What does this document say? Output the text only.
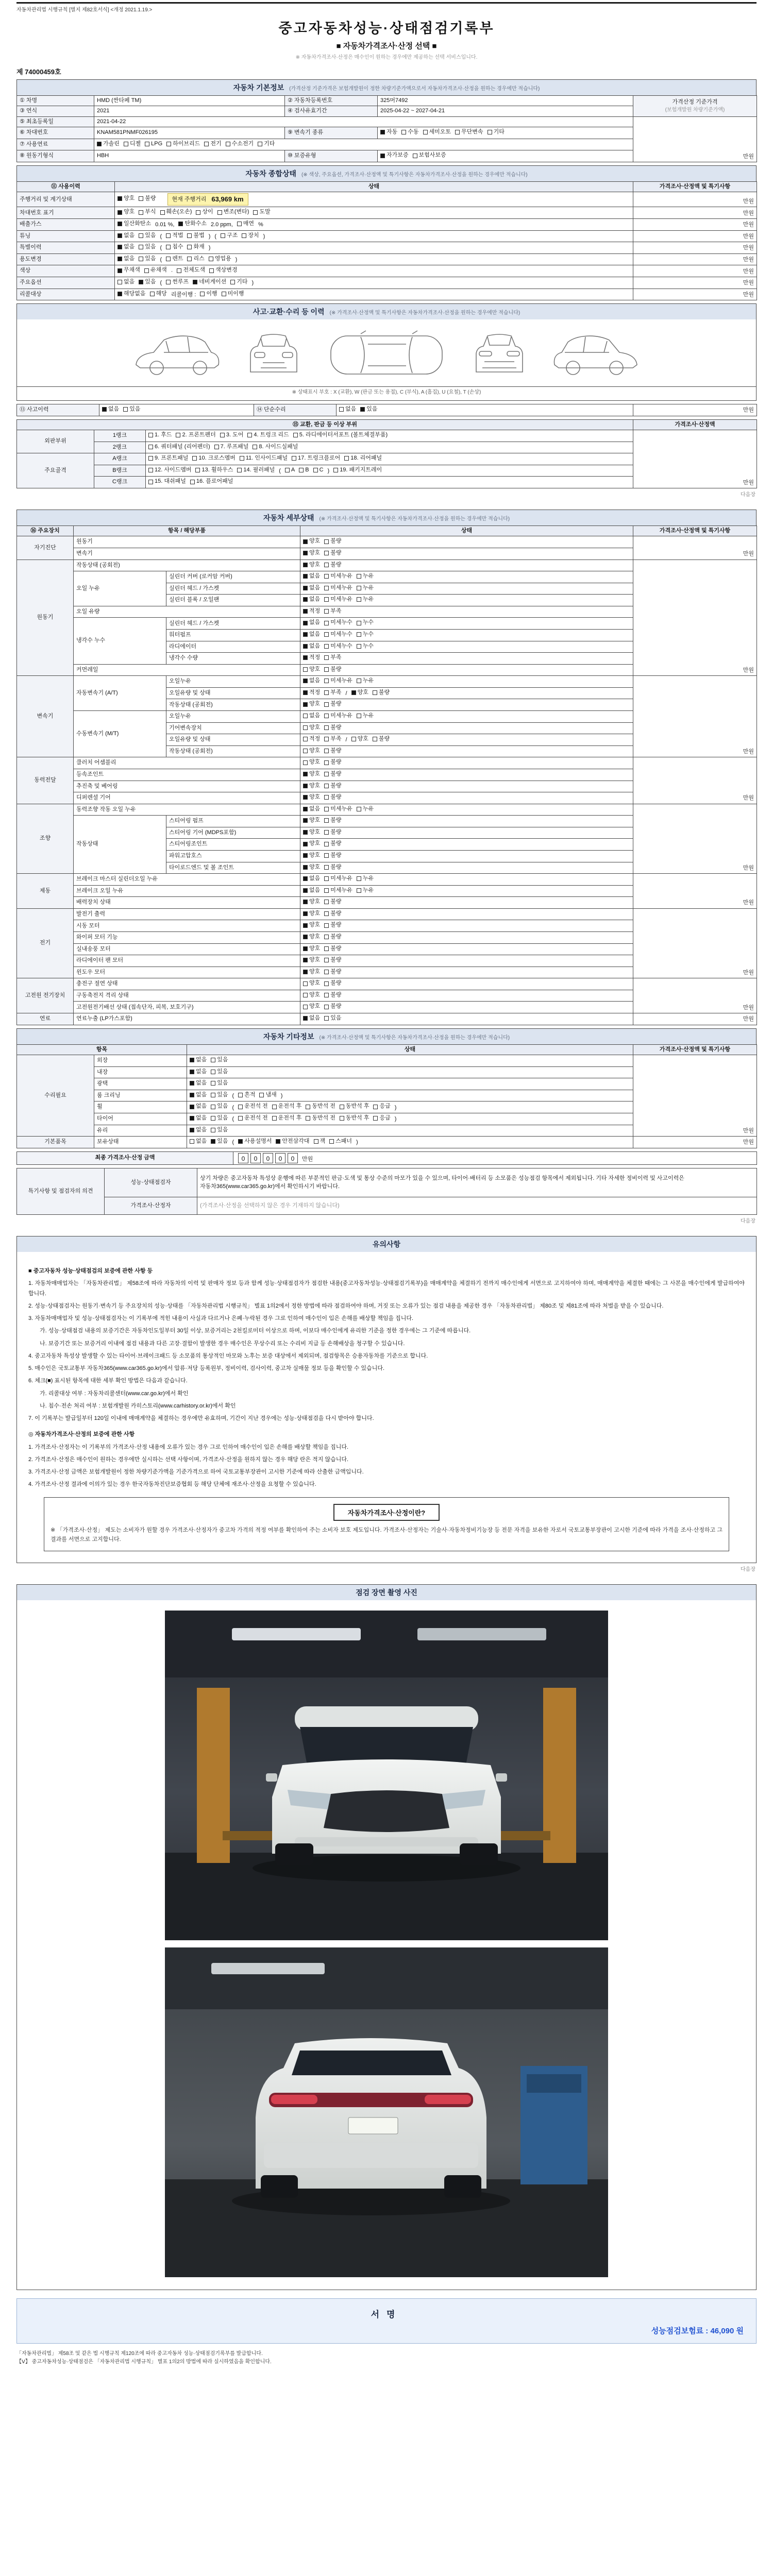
자동차관리법 시행규칙 [별지 제82호서식] <개정 2021.1.19.>
중고자동차성능·상태점검기록부
■ 자동차가격조사·산정 선택 ■
※ 자동차가격조사·산정은 매수인이 원하는 경우에만 제공하는 선택 서비스입니다.
제 74000459호
자동차 기본정보 (가격산정 기준가격은 보험개발원이 정한 차량기준가액으로서 자동차가격조사·산정을 원하는 경우에만 적습니다)
① 차명	HMD (싼타페 TM)	② 자동차등록번호	325머7492	가격산정 기준가격
(보험개발원 차량기준가액)
③ 연식	2021	④ 검사유효기간	2025-04-22 ~ 2027-04-21	
⑤ 최초등록일	2021-04-22			만원
⑥ 차대번호	KNAM581PNMF026195	⑨ 변속기 종류	자동 수동 세미오토 무단변속 기타	

⑦ 사용연료	가솔린 디젤 LPG 하이브리드 전기 수소전기 기타

⑧ 원동기형식	HBH	⑩ 보증유형	자가보증 보험사보증	
자동차 종합상태 (※ 색상, 주요옵션, 가격조사·산정액 및 특기사항은 자동차가격조사·산정을 원하는 경우에만 적습니다)
⑪ 사용이력	상태	가격조사·산정액 및 특기사항
주행거리 및 계기상태	양호 불량 현재 주행거리 63,969 km	만원
차대번호 표기	양호 부식 훼손(오손) 상이 변조(변타) 도말	만원
배출가스	일산화탄소 0.01 %, 탄화수소 2.0 ppm, 매연 %	만원
튜닝	없음 있음 ( 적법 불법 ) ( 구조 장치 )	만원
특별이력	없음 있음 ( 침수 화재 )	만원
용도변경	없음 있음 ( 렌트 리스 영업용 )	만원
색상	무채색 유채색 · 전체도색 색상변경	만원
주요옵션	없음 있음 ( 썬루프 네비게이션 기타 )	만원
리콜대상	해당없음 해당 리콜이행 : 이행 미이행	만원
사고·교환·수리 등 이력 (※ 가격조사·산정액 및 특기사항은 자동차가격조사·산정을 원하는 경우에만 적습니다)
※ 상태표시 부호 : X (교환), W (판금 또는 용접), C (부식), A (흠집), U (요철), T (손상)
⑬ 사고이력	없음 있음	⑭ 단순수리	없음 있음	만원
⑮ 교환, 판금 등 이상 부위			가격조사·산정액
외판부위	1랭크	1. 후드 2. 프론트펜더 3. 도어 4. 트렁크 리드 5. 라디에이터서포트 (볼트체결부품)	만원
	2랭크	6. 쿼터패널 (리어펜더) 7. 루프패널 8. 사이드실패널	

주요골격	A랭크	9. 프론트패널 10. 크로스멤버 11. 인사이드패널 17. 트렁크플로어 18. 리어패널	

B랭크	12. 사이드멤버 13. 휠하우스 14. 필러패널 ( A B C ) 19. 패키지트레이

	C랭크	15. 대쉬패널 16. 플로어패널	
다음장
자동차 세부상태 (※ 가격조사·산정액 및 특기사항은 자동차가격조사·산정을 원하는 경우에만 적습니다)
⑯ 주요장치	항목 / 해당부품		상태	가격조사·산정액 및 특기사항
자기진단	원동기		양호 불량	만원
	변속기		양호 불량	

원동기	작동상태 (공회전)		양호 불량	만원
	오일 누유	실린더 커버 (로커암 커버)	없음 미세누유 누유	

		실린더 헤드 / 가스켓	없음 미세누유 누유	

		실린더 블록 / 오일팬	없음 미세누유 누유	

	오일 유량		적정 부족	

	냉각수 누수	실린더 헤드 / 가스켓	없음 미세누수 누수	

		워터펌프	없음 미세누수 누수	

		라디에이터	없음 미세누수 누수	

		냉각수 수량	적정 부족	

	커먼레일		양호 불량	

변속기	자동변속기 (A/T)	오일누유	없음 미세누유 누유	만원
		오일유량 및 상태	적정 부족 / 양호 불량	

		작동상태 (공회전)	양호 불량	

	수동변속기 (M/T)	오일누유	없음 미세누유 누유	

		기어변속장치	양호 불량	

		오일유량 및 상태	적정 부족 / 양호 불량	

		작동상태 (공회전)	양호 불량	

동력전달	클러치 어셈블리		양호 불량	만원
	등속조인트		양호 불량	

	추진축 및 베어링		양호 불량	

	디퍼렌셜 기어		양호 불량	

조향	동력조향 작동 오일 누유		없음 미세누유 누유	만원
	작동상태	스티어링 펌프	양호 불량	

		스티어링 기어 (MDPS포함)	양호 불량	

		스티어링조인트	양호 불량	

		파워고압호스	양호 불량	

		타이로드엔드 및 볼 조인트	양호 불량	

제동	브레이크 마스터 실린더오일 누유		없음 미세누유 누유	만원
	브레이크 오일 누유		없음 미세누유 누유	

	배력장치 상태		양호 불량	

전기	발전기 출력		양호 불량	만원
	시동 모터		양호 불량	

	와이퍼 모터 기능		양호 불량	

	실내송풍 모터		양호 불량	

	라디에이터 팬 모터		양호 불량	

	윈도우 모터		양호 불량	

고전원 전기장치	충전구 절연 상태		양호 불량	만원
	구동축전지 격리 상태		양호 불량	

	고전원전기배선 상태 (접속단자, 피복, 보호기구)		양호 불량	

연료	연료누출 (LP가스포함)		없음 있음	만원
자동차 기타정보 (※ 가격조사·산정액 및 특기사항은 자동차가격조사·산정을 원하는 경우에만 적습니다)
항목		상태	가격조사·산정액 및 특기사항
수리필요	외장	없음 있음	만원
	내장	없음 있음	

	광택	없음 있음	

룸 크리닝	없음 있음 ( 흔적 냄새 )
휠	없음 있음 ( 운전석 전 운전석 후 동반석 전 동반석 후 응급 )
타이어	없음 있음 ( 운전석 전 운전석 후 동반석 전 동반석 후 응급 )
	유리	없음 있음	

기본품목	보유상태	없음 있음 ( 사용설명서 안전삼각대 잭 스패너 )	만원
최종 가격조사·산정 금액	0 0 0 0 0 만원
특기사항 및 점검자의 의견	성능·상태점검자	상기 차량은 중고자동차 특성상 운행에 따른 부분적인 판금·도색 및 통상 수준의 마모가 있을 수 있으며, 타이어·배터리 등 소모품은 성능점검 항목에서 제외됩니다. 기타 자세한 정비이력 및 사고이력은 자동차365(www.car365.go.kr)에서 확인하시기 바랍니다.
	가격조사·산정자	(가격조사·산정을 선택하지 않은 경우 기재하지 않습니다)
다음장
유의사항

■ 중고자동차 성능·상태점검의 보증에 관한 사항 등

1. 자동차매매업자는 「자동차관리법」 제58조에 따라 자동차의 이력 및 판매자 정보 등과 함께 성능·상태점검자가 점검한 내용(중고자동차성능·상태점검기록부)을 매매계약을 체결하기 전까지 매수인에게 서면으로 고지하여야 하며, 매매계약을 체결한 때에는 그 사본을 매수인에게 발급하여야 합니다.

2. 성능·상태점검자는 원동기·변속기 등 주요장치의 성능·상태를 「자동차관리법 시행규칙」 별표 1의2에서 정한 방법에 따라 점검하여야 하며, 거짓 또는 오류가 있는 점검 내용을 제공한 경우 「자동차관리법」 제80조 및 제81조에 따라 처벌을 받을 수 있습니다.

3. 자동차매매업자 및 성능·상태점검자는 이 기록부에 적힌 내용이 사실과 다르거나 은폐·누락된 경우 그로 인하여 매수인이 입은 손해를 배상할 책임을 집니다.

가. 성능·상태점검 내용의 보증기간은 자동차인도일부터 30일 이상, 보증거리는 2천킬로미터 이상으로 하며, 이보다 매수인에게 유리한 기준을 정한 경우에는 그 기준에 따릅니다.

나. 보증기간 또는 보증거리 이내에 점검 내용과 다른 고장·결함이 발생한 경우 매수인은 무상수리 또는 수리비 지급 등 손해배상을 청구할 수 있습니다.

4. 중고자동차 특성상 발생할 수 있는 타이어·브레이크패드 등 소모품의 통상적인 마모와 노후는 보증 대상에서 제외되며, 점검항목은 승용자동차를 기준으로 합니다.

5. 매수인은 국토교통부 자동차365(www.car365.go.kr)에서 압류·저당 등록원부, 정비이력, 검사이력, 중고차 실매물 정보 등을 확인할 수 있습니다.

6. 체크(■) 표시된 항목에 대한 세부 확인 방법은 다음과 같습니다.

가. 리콜대상 여부 : 자동차리콜센터(www.car.go.kr)에서 확인

나. 침수·전손 처리 여부 : 보험개발원 카히스토리(www.carhistory.or.kr)에서 확인

7. 이 기록부는 발급일부터 120일 이내에 매매계약을 체결하는 경우에만 유효하며, 기간이 지난 경우에는 성능·상태점검을 다시 받아야 합니다.

◎ 자동차가격조사·산정의 보증에 관한 사항

1. 가격조사·산정자는 이 기록부의 가격조사·산정 내용에 오류가 있는 경우 그로 인하여 매수인이 입은 손해를 배상할 책임을 집니다.

2. 가격조사·산정은 매수인이 원하는 경우에만 실시하는 선택 사항이며, 가격조사·산정을 원하지 않는 경우 해당 란은 적지 않습니다.

3. 가격조사·산정 금액은 보험개발원이 정한 차량기준가액을 기준가격으로 하여 국토교통부장관이 고시한 기준에 따라 산출한 금액입니다.

4. 가격조사·산정 결과에 이의가 있는 경우 한국자동차진단보증협회 등 해당 단체에 재조사·산정을 요청할 수 있습니다.

자동차가격조사·산정이란?
※ 「가격조사·산정」 제도는 소비자가 원할 경우 가격조사·산정자가 중고차 가격의 적정 여부를 확인하여 주는 소비자 보호 제도입니다. 가격조사·산정자는 기술사·자동차정비기능장 등 전문 자격을 보유한 자로서 국토교통부장관이 고시한 기준에 따라 가격을 조사·산정하고 그 결과를 서면으로 고지합니다.
다음장
점검 장면 촬영 사진
서명
성능점검보험료 : 46,090 원

「자동차관리법」 제58조 및 같은 법 시행규칙 제120조에 따라 중고자동차 성능·상태점검기록부를 발급합니다.

【Ⅴ】 중고자동차성능·상태점검은 「자동차관리법 시행규칙」 별표 1의2의 방법에 따라 실시하였음을 확인합니다.
